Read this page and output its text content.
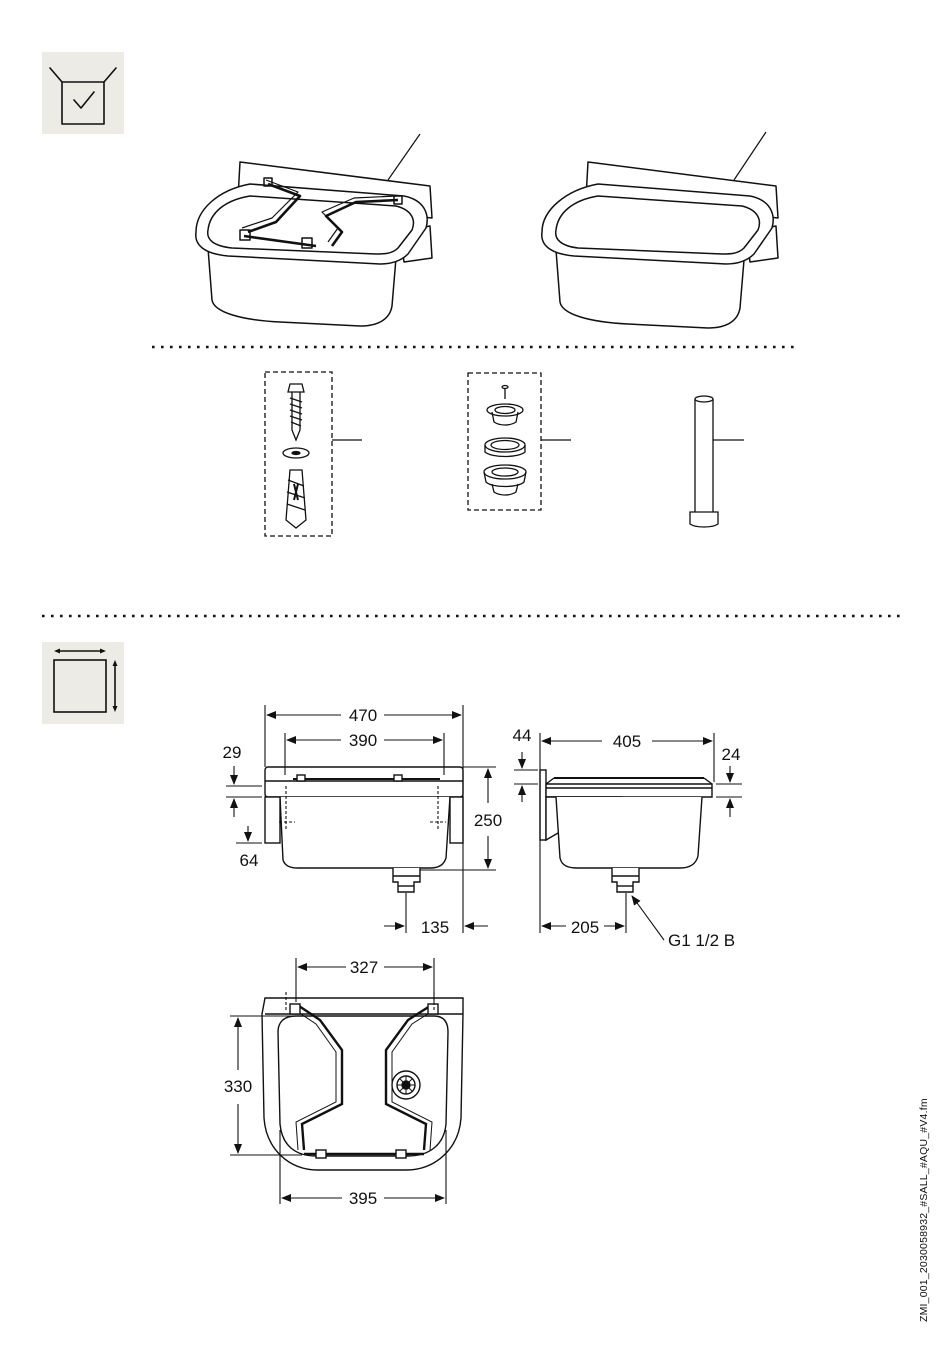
470
390
29
64
250
135
44	405
24
205
G1 1/2 B
327
330
395	ZMI_001_2030058932_#SALL_#AQU_#V4.fm
